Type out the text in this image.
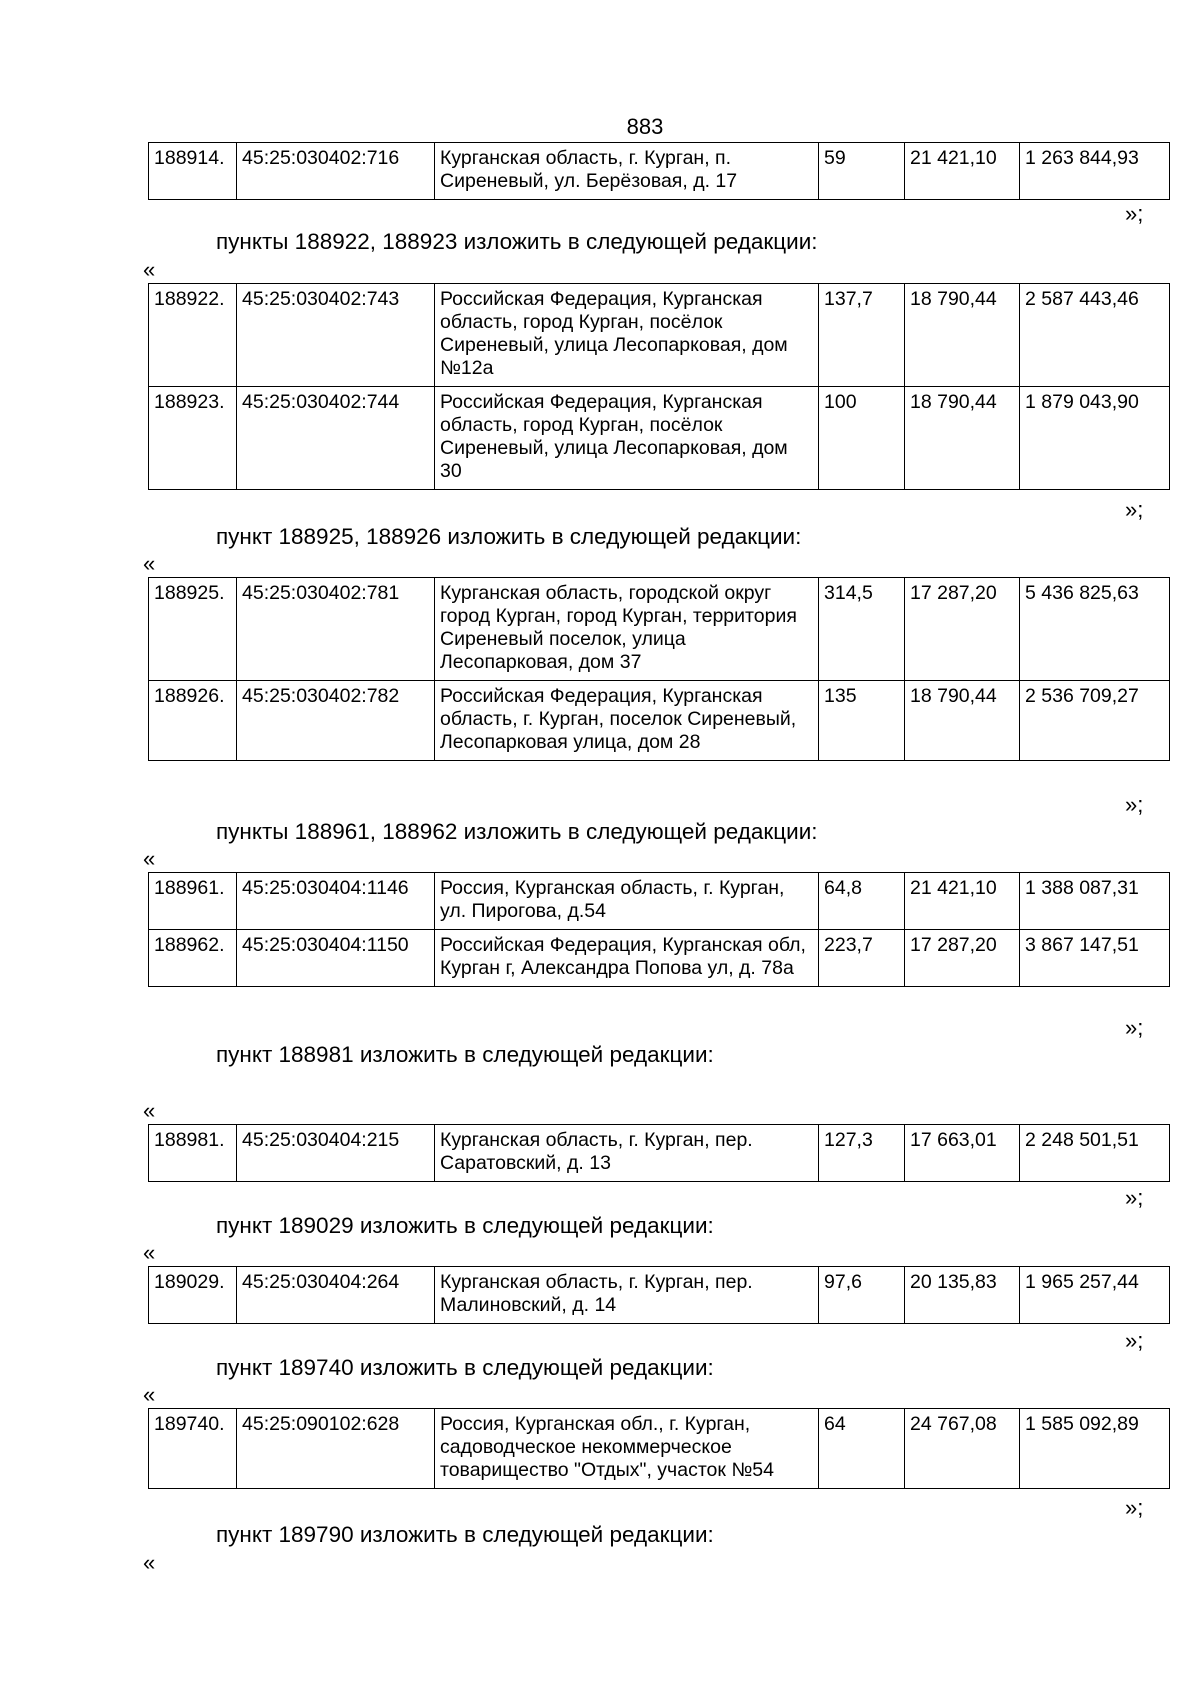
883
188914.	45:25:030402:716	Курганская область, г. Курган, п. Сиреневый, ул. Берёзовая, д. 17	59	21 421,10	1 263 844,93
»;
пункты 188922, 188923 изложить в следующей редакции:
«
188922.	45:25:030402:743	Российская Федерация, Курганская область, город Курган, посёлок Сиреневый, улица Лесопарковая, дом №12а	137,7	18 790,44	2 587 443,46
188923.	45:25:030402:744	Российская Федерация, Курганская область, город Курган, посёлок Сиреневый, улица Лесопарковая, дом 30	100	18 790,44	1 879 043,90
»;
пункт 188925, 188926 изложить в следующей редакции:
«
188925.	45:25:030402:781	Курганская область, городской округ город Курган, город Курган, территория Сиреневый поселок, улица Лесопарковая, дом 37	314,5	17 287,20	5 436 825,63
188926.	45:25:030402:782	Российская Федерация, Курганская область, г. Курган, поселок Сиреневый, Лесопарковая улица, дом 28	135	18 790,44	2 536 709,27
»;
пункты 188961, 188962 изложить в следующей редакции:
«
188961.	45:25:030404:1146	Россия, Курганская область, г. Курган, ул. Пирогова, д.54	64,8	21 421,10	1 388 087,31
188962.	45:25:030404:1150	Российская Федерация, Курганская обл, Курган г, Александра Попова ул, д. 78а	223,7	17 287,20	3 867 147,51
»;
пункт 188981 изложить в следующей редакции:
«
188981.	45:25:030404:215	Курганская область, г. Курган, пер. Саратовский, д. 13	127,3	17 663,01	2 248 501,51
»;
пункт 189029 изложить в следующей редакции:
«
189029.	45:25:030404:264	Курганская область, г. Курган, пер. Малиновский, д. 14	97,6	20 135,83	1 965 257,44
»;
пункт 189740 изложить в следующей редакции:
«
189740.	45:25:090102:628	Россия, Курганская обл., г. Курган, садоводческое некоммерческое товарищество "Отдых", участок №54	64	24 767,08	1 585 092,89
»;
пункт 189790 изложить в следующей редакции:
«
